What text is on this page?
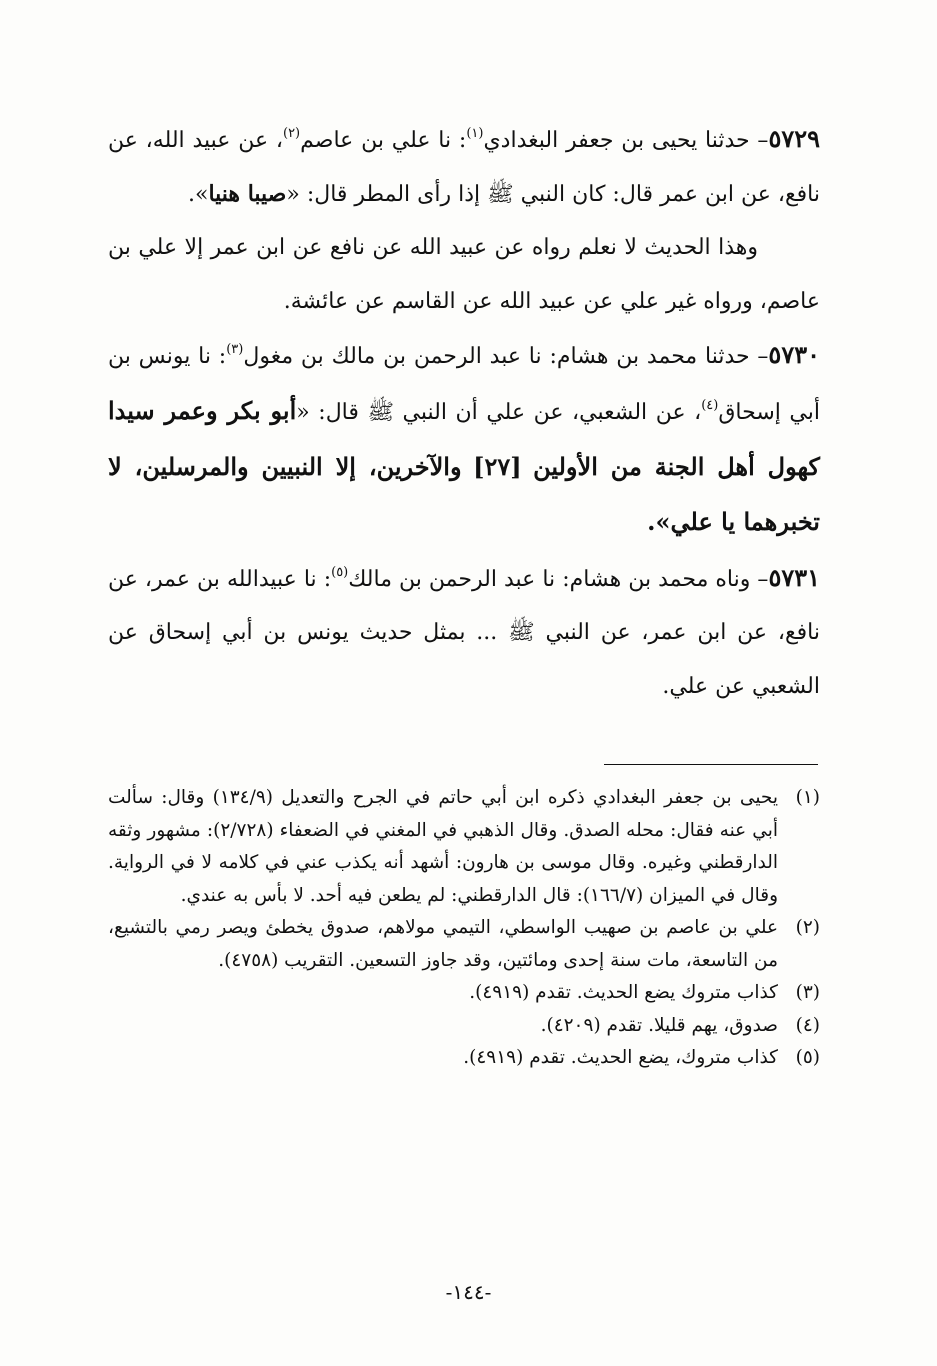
٥٧٢٩– حدثنا يحيى بن جعفر البغدادي$^{(١)}$: نا علي بن عاصم$^{(٢)}$، عن عبيد الله، عن نافع، عن ابن عمر قال: كان النبي ﷺ إذا رأى المطر قال: «صيبا هنيا».

وهذا الحديث لا نعلم رواه عن عبيد الله عن نافع عن ابن عمر إلا علي بن عاصم، ورواه غير علي عن عبيد الله عن القاسم عن عائشة.

٥٧٣٠– حدثنا محمد بن هشام: نا عبد الرحمن بن مالك بن مغول$^{(٣)}$: نا يونس بن أبي إسحاق$^{(٤)}$، عن الشعبي، عن علي أن النبي ﷺ قال: «أبو بكر وعمر سيدا كهول أهل الجنة من الأولين [٢٧] والآخرين، إلا النبيين والمرسلين، لا تخبرهما يا علي».

٥٧٣١– وناه محمد بن هشام: نا عبد الرحمن بن مالك$^{(٥)}$: نا عبيدالله بن عمر، عن نافع، عن ابن عمر، عن النبي ﷺ ... بمثل حديث يونس بن أبي إسحاق عن الشعبي عن علي.

(١)
يحيى بن جعفر البغدادي ذكره ابن أبي حاتم في الجرح والتعديل (١٣٤/٩) وقال: سألت أبي عنه فقال: محله الصدق. وقال الذهبي في المغني في الضعفاء (٢/٧٢٨): مشهور وثقه الدارقطني وغيره. وقال موسى بن هارون: أشهد أنه يكذب عني في كلامه لا في الرواية. وقال في الميزان (١٦٦/٧): قال الدارقطني: لم يطعن فيه أحد. لا بأس به عندي.
(٢)
علي بن عاصم بن صهيب الواسطي، التيمي مولاهم، صدوق يخطئ ويصر رمي بالتشيع، من التاسعة، مات سنة إحدى ومائتين، وقد جاوز التسعين. التقريب (٤٧٥٨).
(٣)
كذاب متروك يضع الحديث. تقدم (٤٩١٩).
(٤)
صدوق، يهم قليلا. تقدم (٤٢٠٩).
(٥)
كذاب متروك، يضع الحديث. تقدم (٤٩١٩).
-١٤٤-
